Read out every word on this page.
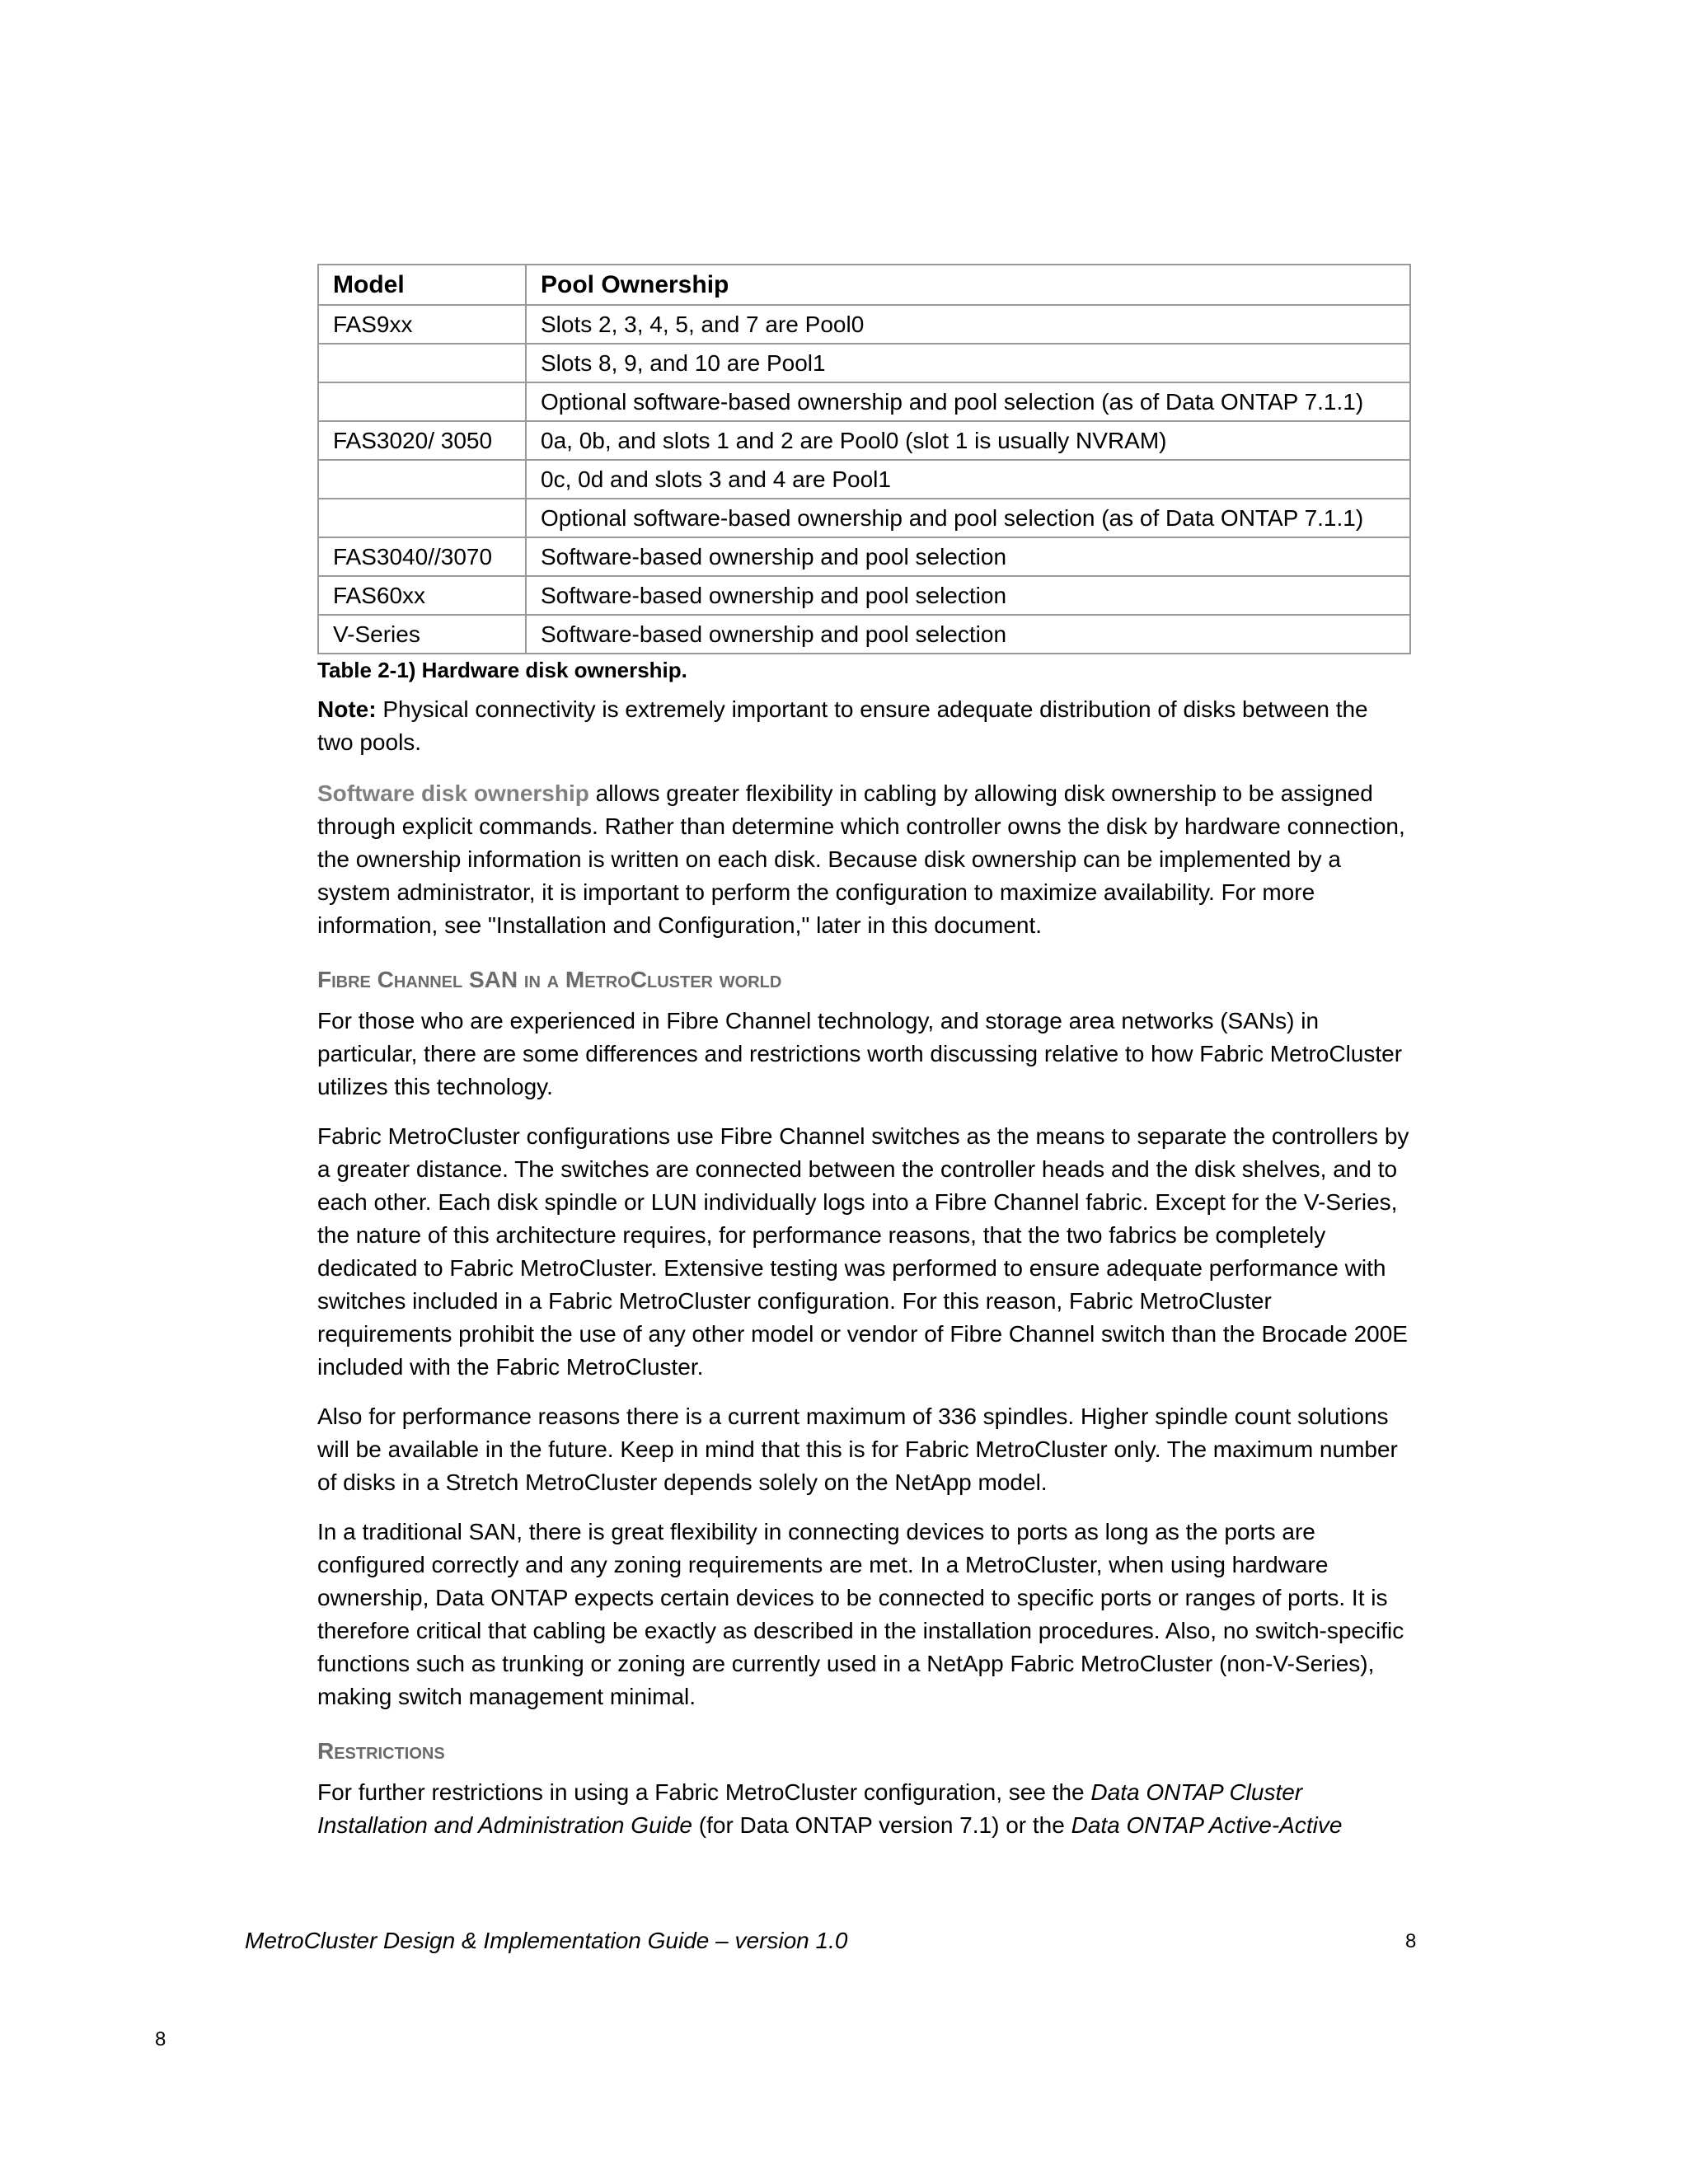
Model	Pool Ownership
FAS9xx	Slots 2, 3, 4, 5, and 7 are Pool0
	Slots 8, 9, and 10 are Pool1
	Optional software-based ownership and pool selection (as of Data ONTAP 7.1.1)
FAS3020/ 3050	0a, 0b, and slots 1 and 2 are Pool0 (slot 1 is usually NVRAM)
	0c, 0d and slots 3 and 4 are Pool1
	Optional software-based ownership and pool selection (as of Data ONTAP 7.1.1)
FAS3040//3070	Software-based ownership and pool selection
FAS60xx	Software-based ownership and pool selection
V-Series	Software-based ownership and pool selection
Table 2-1) Hardware disk ownership.

Note: Physical connectivity is extremely important to ensure adequate distribution of disks between the two pools.

Software disk ownership allows greater flexibility in cabling by allowing disk ownership to be assigned through explicit commands. Rather than determine which controller owns the disk by hardware connection, the ownership information is written on each disk. Because disk ownership can be implemented by a system administrator, it is important to perform the configuration to maximize availability. For more information, see "Installation and Configuration," later in this document.

Fibre Channel SAN in a MetroCluster world

For those who are experienced in Fibre Channel technology, and storage area networks (SANs) in particular, there are some differences and restrictions worth discussing relative to how Fabric MetroCluster utilizes this technology.

Fabric MetroCluster configurations use Fibre Channel switches as the means to separate the controllers by a greater distance. The switches are connected between the controller heads and the disk shelves, and to each other. Each disk spindle or LUN individually logs into a Fibre Channel fabric. Except for the V-Series, the nature of this architecture requires, for performance reasons, that the two fabrics be completely dedicated to Fabric MetroCluster. Extensive testing was performed to ensure adequate performance with switches included in a Fabric MetroCluster configuration. For this reason, Fabric MetroCluster requirements prohibit the use of any other model or vendor of Fibre Channel switch than the Brocade 200E included with the Fabric MetroCluster.

Also for performance reasons there is a current maximum of 336 spindles. Higher spindle count solutions will be available in the future. Keep in mind that this is for Fabric MetroCluster only. The maximum number of disks in a Stretch MetroCluster depends solely on the NetApp model.

In a traditional SAN, there is great flexibility in connecting devices to ports as long as the ports are configured correctly and any zoning requirements are met. In a MetroCluster, when using hardware ownership, Data ONTAP expects certain devices to be connected to specific ports or ranges of ports. It is therefore critical that cabling be exactly as described in the installation procedures. Also, no switch-specific functions such as trunking or zoning are currently used in a NetApp Fabric MetroCluster (non-V-Series), making switch management minimal.

Restrictions

For further restrictions in using a Fabric MetroCluster configuration, see the Data ONTAP Cluster Installation and Administration Guide (for Data ONTAP version 7.1) or the Data ONTAP Active-Active

MetroCluster Design & Implementation Guide – version 1.0	8
8
